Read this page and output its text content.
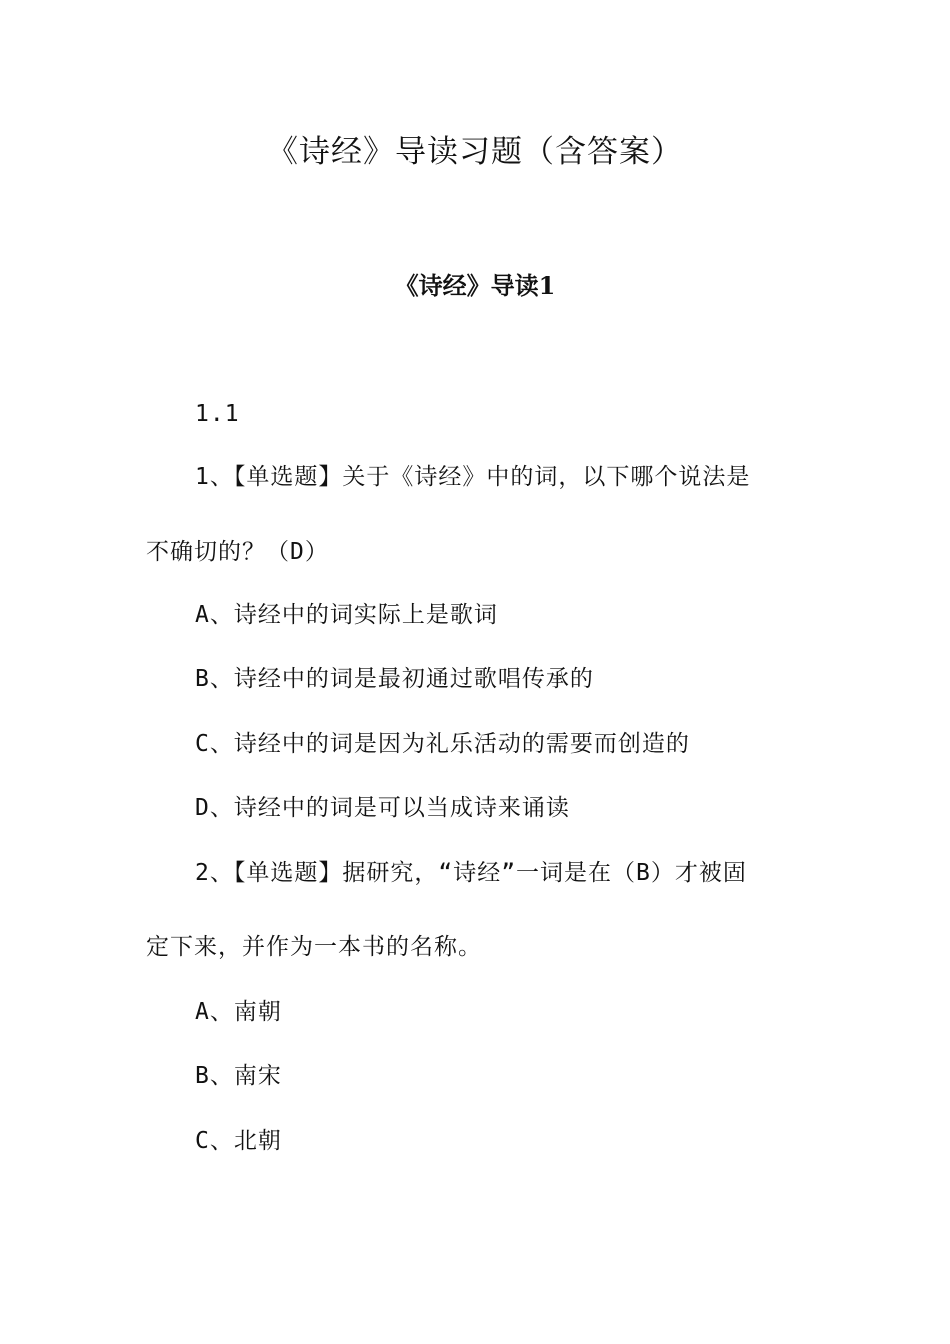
《诗经》导读习题（含答案）
《诗经》导读1
1.1
1、【单选题】关于《诗经》中的词，以下哪个说法是
不确切的？（D）
A、诗经中的词实际上是歌词
B、诗经中的词是最初通过歌唱传承的
C、诗经中的词是因为礼乐活动的需要而创造的
D、诗经中的词是可以当成诗来诵读
2、【单选题】据研究，“诗经”一词是在（B）才被固
定下来，并作为一本书的名称。
A、南朝
B、南宋
C、北朝
